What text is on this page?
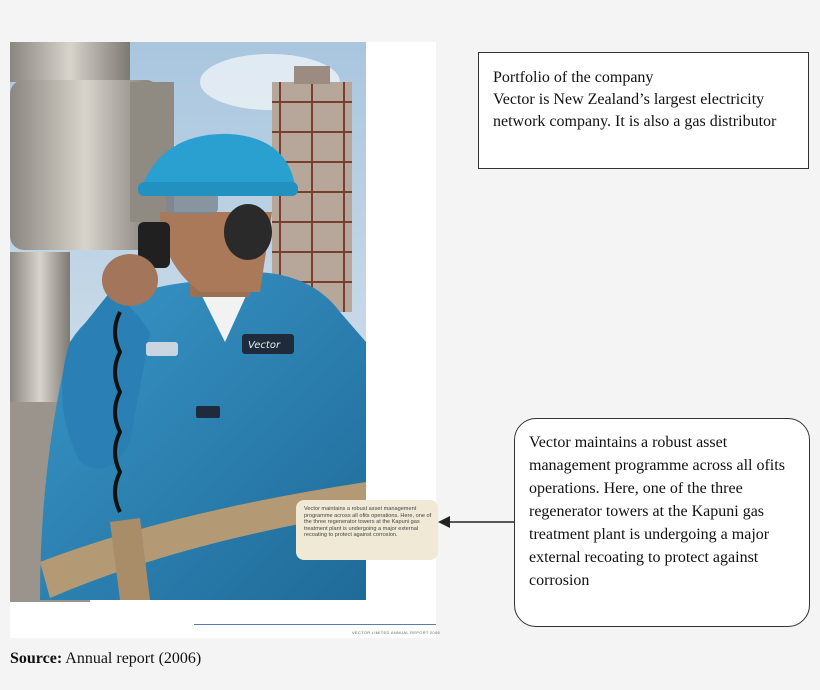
Vector
Vector maintains a robust asset management programme across all ofits operations. Here, one of the three regenerator towers at the Kapuni gas treatment plant is undergoing a major external recoating to protect against corrosion.
VECTOR LIMITED ANNUAL REPORT 2006
Portfolio of the company
Vector is New Zealand’s largest electricity network company. It is also a gas distributor
Vector maintains a robust asset management programme across all ofits operations. Here, one of the three regenerator towers at the Kapuni gas treatment plant is undergoing a major external recoating to protect against corrosion
Source: Annual report (2006)
